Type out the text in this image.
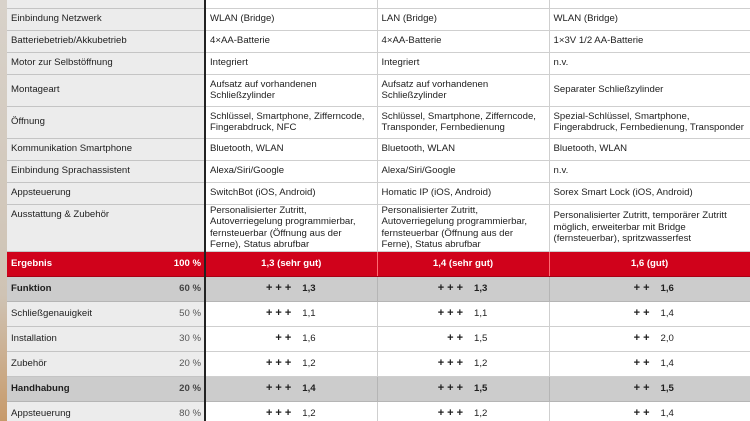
Einbindung Netzwerk		WLAN (Bridge)	LAN (Bridge)	WLAN (Bridge)
Batteriebetrieb/Akkubetrieb		4×AA-Batterie	4×AA-Batterie	1×3V 1/2 AA-Batterie
Motor zur Selbstöffnung		Integriert	Integriert	n.v.
Montageart		Aufsatz auf vorhandenen Schließzylinder	Aufsatz auf vorhandenen Schließzylinder	Separater Schließzylinder
Öffnung		Schlüssel, Smartphone, Zifferncode, Fingerabdruck, NFC	Schlüssel, Smartphone, Zifferncode, Transponder, Fernbedienung	Spezial-Schlüssel, Smartphone, Fingerabdruck, Fernbedienung, Transponder
Kommunikation Smartphone		Bluetooth, WLAN	Bluetooth, WLAN	Bluetooth, WLAN
Einbindung Sprachassistent		Alexa/Siri/Google	Alexa/Siri/Google	n.v.
Appsteuerung		SwitchBot (iOS, Android)	Homatic IP (iOS, Android)	Sorex Smart Lock (iOS, Android)
Ausstattung & Zubehör		Personalisierter Zutritt, Autoverriegelung programmierbar, fernsteuerbar (Öffnung aus der Ferne), Status abrufbar	Personalisierter Zutritt, Autoverriegelung programmierbar, fernsteuerbar (Öffnung aus der Ferne), Status abrufbar	Personalisierter Zutritt, temporärer Zutritt möglich, erweiterbar mit Bridge (fernsteuerbar), spritzwasserfest
Ergebnis	100 %	1,3 (sehr gut)	1,4 (sehr gut)	1,6 (gut)
Funktion	60 %	+++ 1,3	+++ 1,3	++ 1,6

Schließgenauigkeit	50 %	+++ 1,1	+++ 1,1	++ 1,4

Installation	30 %	++ 1,6	++ 1,5	++ 2,0

Zubehör	20 %	+++ 1,2	+++ 1,2	++ 1,4

Handhabung	20 %	+++ 1,4	+++ 1,5	++ 1,5

Appsteuerung	80 %	+++ 1,2	+++ 1,2	++ 1,4
